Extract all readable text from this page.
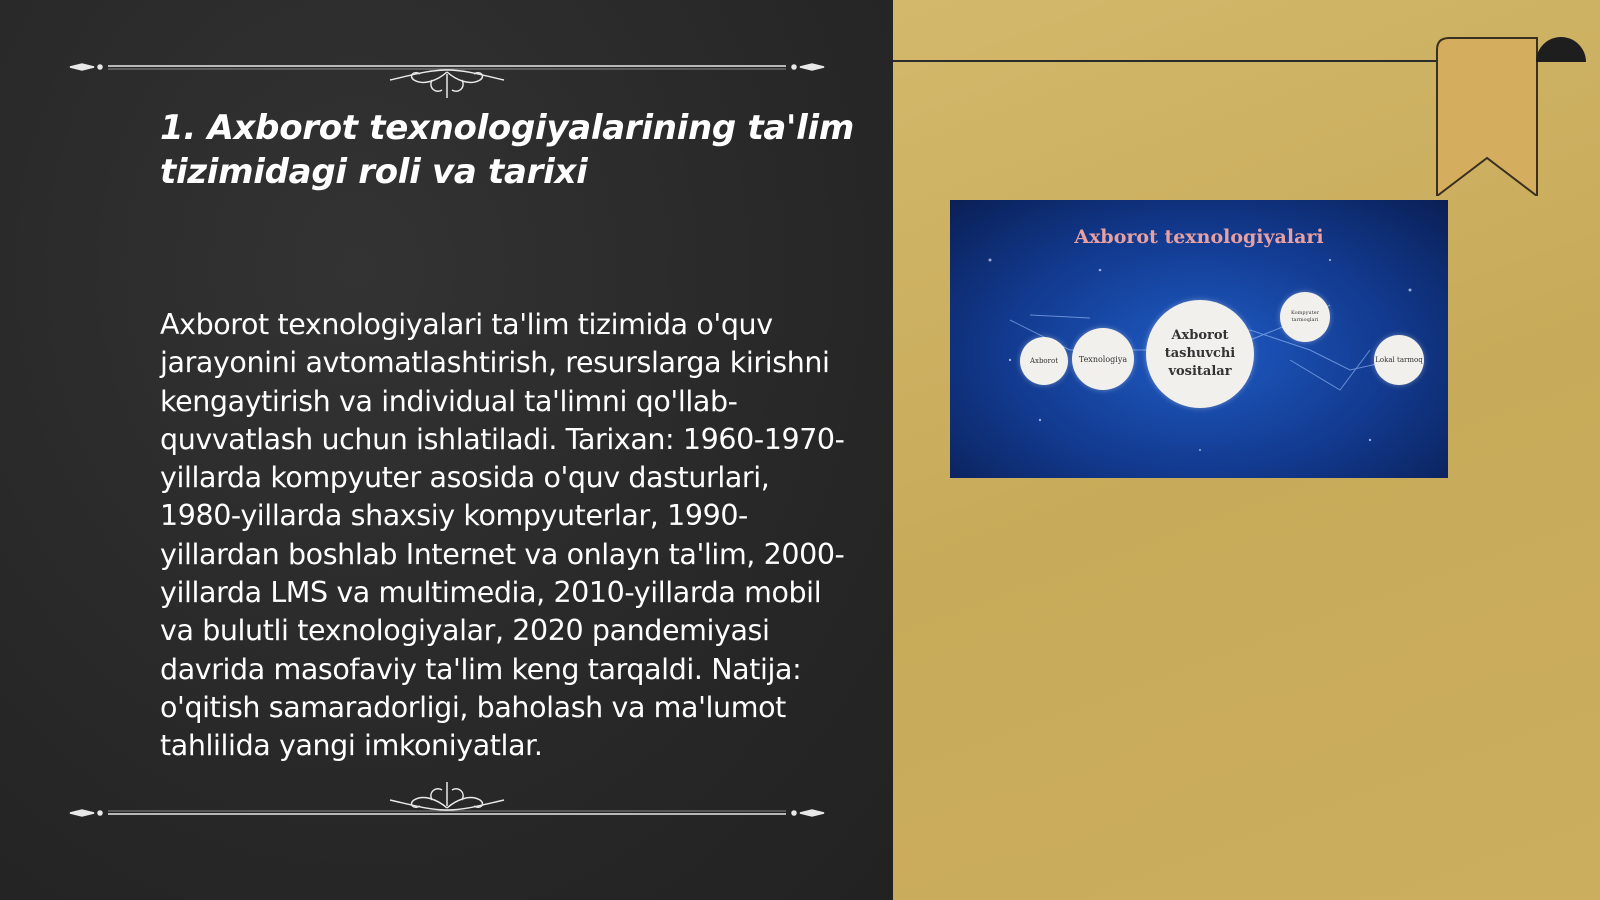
1. Axborot texnologiyalarining ta'lim tizimidagi roli va tarixi

Axborot texnologiyalari ta'lim tizimida o'quv jarayonini avtomatlashtirish, resurslarga kirishni kengaytirish va individual ta'limni qo'llab-quvvatlash uchun ishlatiladi. Tarixan: 1960-1970-yillarda kompyuter asosida o'quv dasturlari, 1980-yillarda shaxsiy kompyuterlar, 1990-yillardan boshlab Internet va onlayn ta'lim, 2000-yillarda LMS va multimedia, 2010-yillarda mobil va bulutli texnologiyalar, 2020 pandemiyasi davrida masofaviy ta'lim keng tarqaldi. Natija: o'qitish samaradorligi, baholash va ma'lumot tahlilida yangi imkoniyatlar.

Axborot texnologiyalari
Axborot	Texnologiya
Axborot tashuvchi vositalar
Kompyuter tarmoqlari
Lokal tarmoq
